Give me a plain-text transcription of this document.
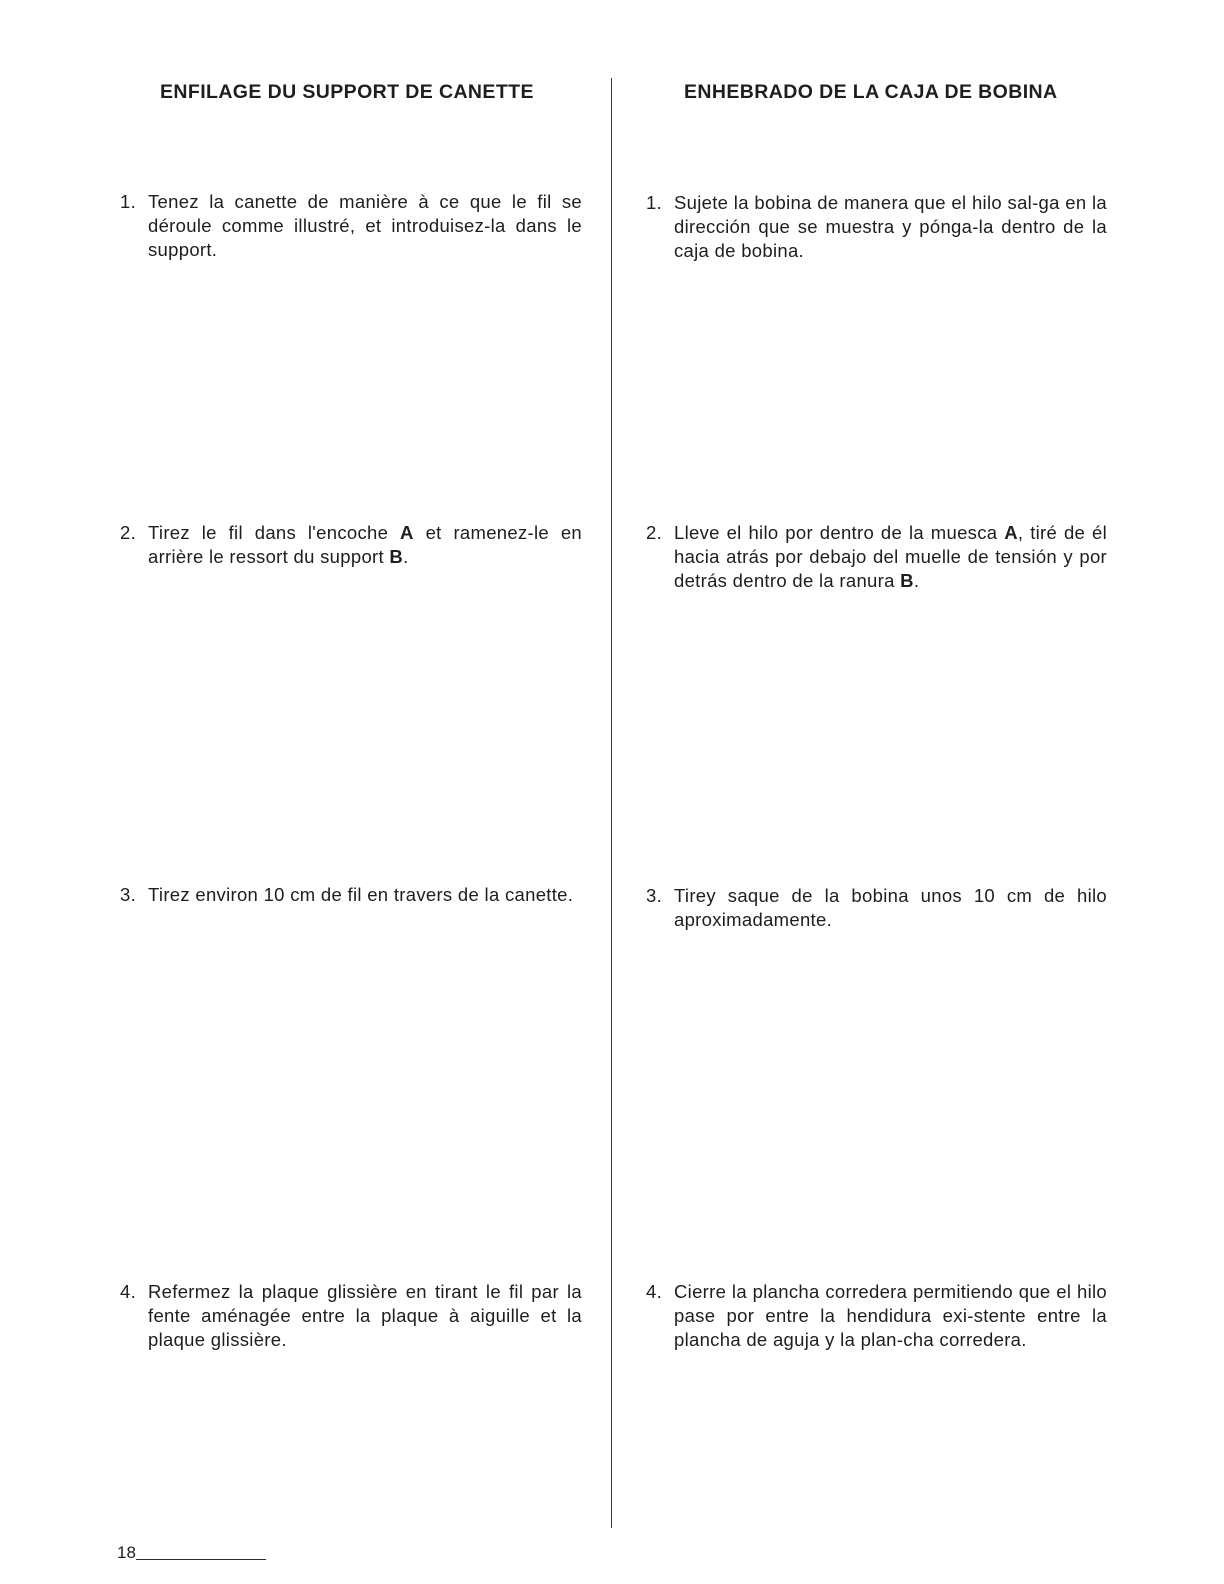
ENFILAGE DU SUPPORT DE CANETTE	ENHEBRADO DE LA CAJA DE BOBINA
1. Tenez la canette de manière à ce que le fil se déroule comme illustré, et introduisez-la dans le support.
2. Tirez le fil dans l'encoche A et ramenez-le en arrière le ressort du support B.
3. Tirez environ 10 cm de fil en travers de la canette.
4. Refermez la plaque glissière en tirant le fil par la fente aménagée entre la plaque à aiguille et la plaque glissière.
1. Sujete la bobina de manera que el hilo sal-ga en la dirección que se muestra y pónga-la dentro de la caja de bobina.
2. Lleve el hilo por dentro de la muesca A, tiré de él hacia atrás por debajo del muelle de tensión y por detrás dentro de la ranura B.
3. Tirey saque de la bobina unos 10 cm de hilo aproximadamente.
4. Cierre la plancha corredera permitiendo que el hilo pase por entre la hendidura exi-stente entre la plancha de aguja y la plan-cha corredera.
18
